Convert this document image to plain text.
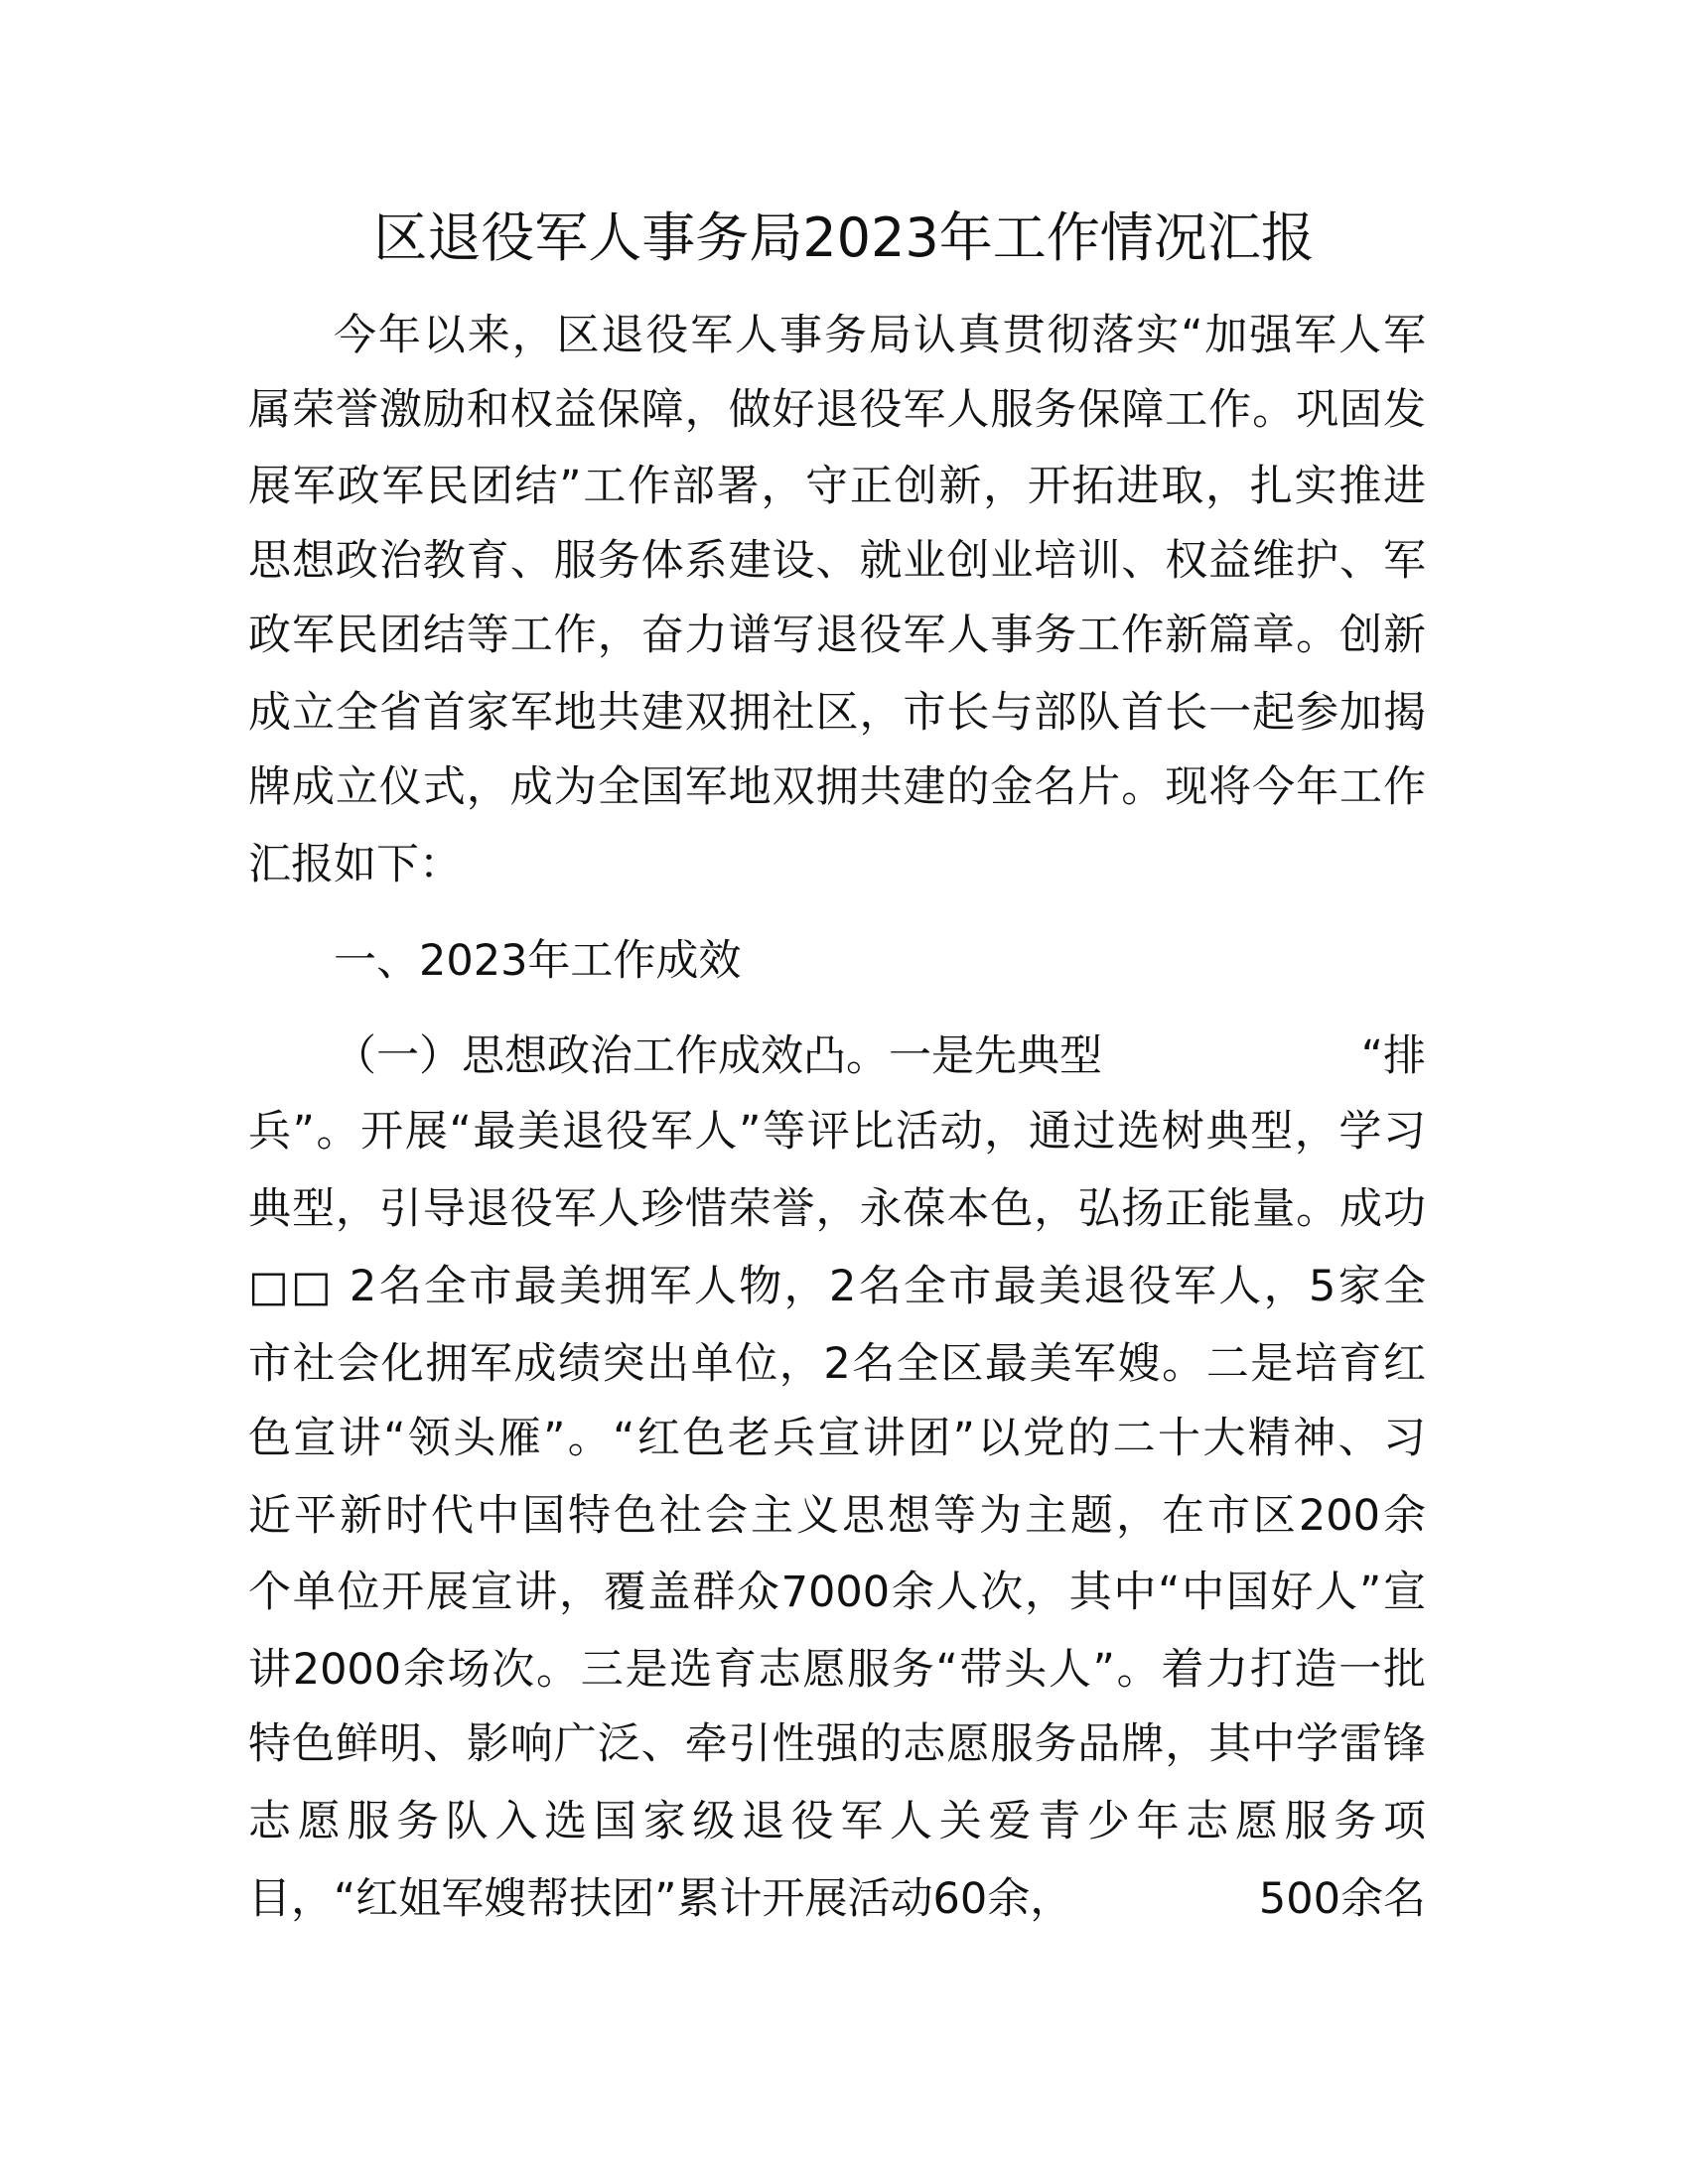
区退役军人事务局2023年工作情况汇报
今年以来，区退役军人事务局认真贯彻落实“加强军人军
属荣誉激励和权益保障，做好退役军人服务保障工作。巩固发
展军政军民团结”工作部署，守正创新，开拓进取，扎实推进
思想政治教育、服务体系建设、就业创业培训、权益维护、军
政军民团结等工作，奋力谱写退役军人事务工作新篇章。创新
成立全省首家军地共建双拥社区，市长与部队首长一起参加揭
牌成立仪式，成为全国军地双拥共建的金名片。现将今年工作
汇报如下：
一、2023年工作成效
（一）思想政治工作成效凸。一是先典型	“排
兵”。开展“最美退役军人”等评比活动，通过选树典型，学习
典型，引导退役军人珍惜荣誉，永葆本色，弘扬正能量。成功
□□ 2名全市最美拥军人物，2名全市最美退役军人，5家全
市社会化拥军成绩突出单位，2名全区最美军嫂。二是培育红
色宣讲“领头雁”。“红色老兵宣讲团”以党的二十大精神、习
近平新时代中国特色社会主义思想等为主题，在市区200余
个单位开展宣讲，覆盖群众7000余人次，其中“中国好人”宣
讲2000余场次。三是选育志愿服务“带头人”。着力打造一批
特色鲜明、影响广泛、牵引性强的志愿服务品牌，其中学雷锋
志愿服务队入选国家级退役军人关爱青少年志愿服务项
目，“红姐军嫂帮扶团”累计开展活动60余，	500余名
